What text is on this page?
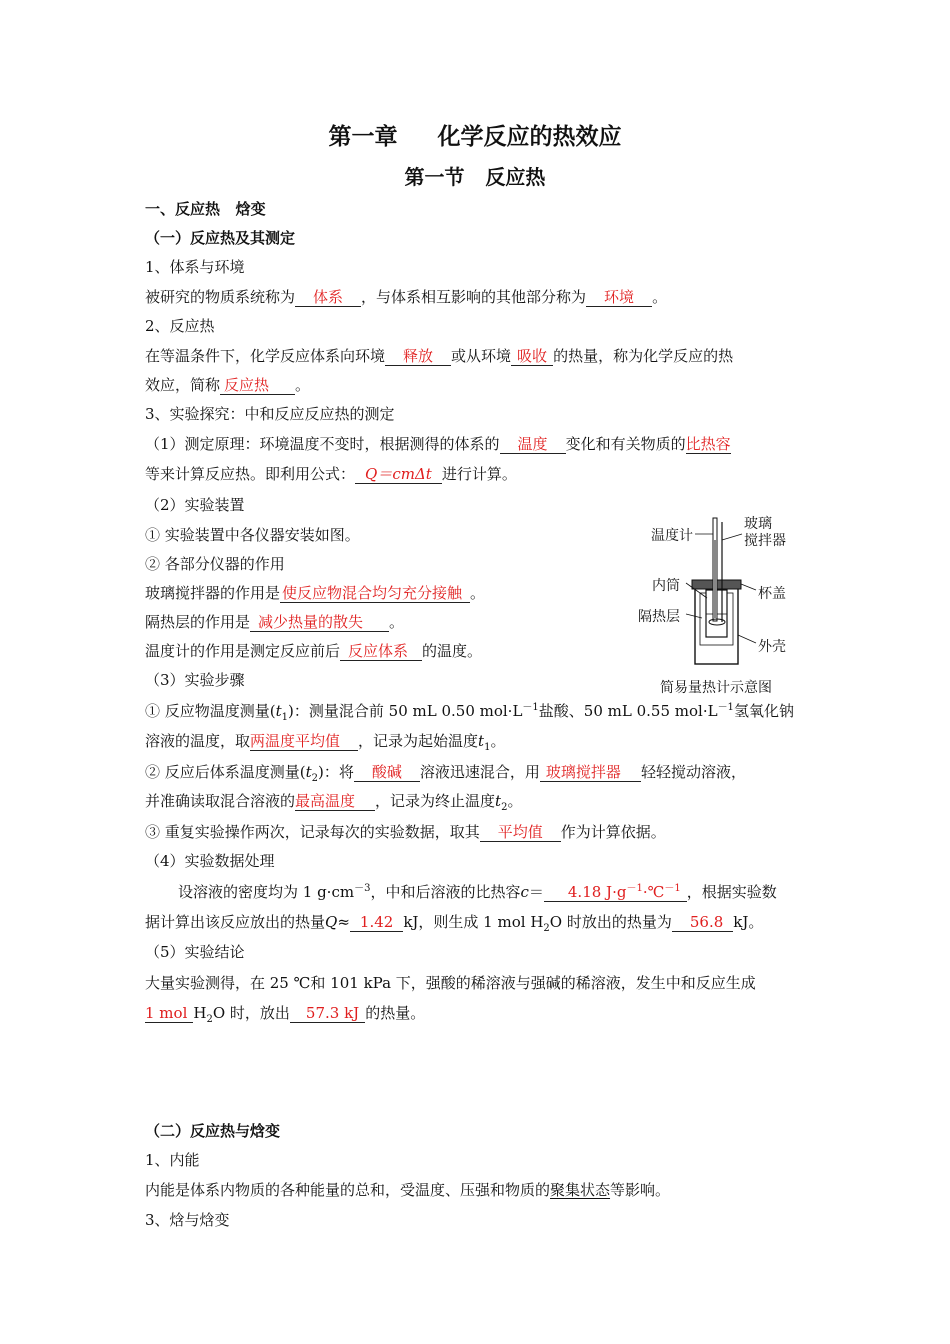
第一章     化学反应的热效应
第一节   反应热
一、反应热   焓变
（一）反应热及其测定
1、体系与环境
被研究的物质系统称为 体系 ，与体系相互影响的其他部分称为 环境 。
2、反应热
在等温条件下，化学反应体系向环境 释放 或从环境 吸收 的热量，称为化学反应的热
效应，简称 反应热 。
3、实验探究：中和反应反应热的测定
（1）测定原理：环境温度不变时，根据测得的体系的 温度 变化和有关物质的比热容
等来计算反应热。即利用公式： Q＝cmΔt 进行计算。
（2）实验装置
① 实验装置中各仪器安装如图。
② 各部分仪器的作用
玻璃搅拌器的作用是 使反应物混合均匀充分接触 。
隔热层的作用是 减少热量的散失 。
温度计的作用是测定反应前后 反应体系 的温度。
（3）实验步骤
① 反应物温度测量$(t_1)$：测量混合前 50 mL 0.50 $mol\cdot L^{-1}$盐酸、50 mL 0.55 $mol\cdot L^{-1}$氢氧化钠
溶液的温度，取两温度平均值 ，记录为起始温度$t_1$。
② 反应后体系温度测量$(t_2)$：将 酸碱 溶液迅速混合，用 玻璃搅拌器 轻轻搅动溶液，
并准确读取混合溶液的最高温度 ，记录为终止温度$t_2$。
③ 重复实验操作两次，记录每次的实验数据，取其 平均值 作为计算依据。
（4）实验数据处理
设溶液的密度均为 1 $g\cdot cm^{-3}$，中和后溶液的比热容c＝ 4.18 $J\cdot g^{-1}\cdot℃^{-1}$ ，根据实验数
据计算出该反应放出的热量Q≈ 1.42 kJ，则生成 1 mol $H_2O$ 时放出的热量为 56.8 kJ。
（5）实验结论
大量实验测得，在 25 ℃和 101 kPa 下，强酸的稀溶液与强碱的稀溶液，发生中和反应生成
1 mol $H_2O$ 时，放出 57.3 kJ 的热量。
（二）反应热与焓变
1、内能
内能是体系内物质的各种能量的总和，受温度、压强和物质的聚集状态等影响。
3、焓与焓变
温度计
玻璃
搅拌器
内筒	杯盖
隔热层
外壳
简易量热计示意图
